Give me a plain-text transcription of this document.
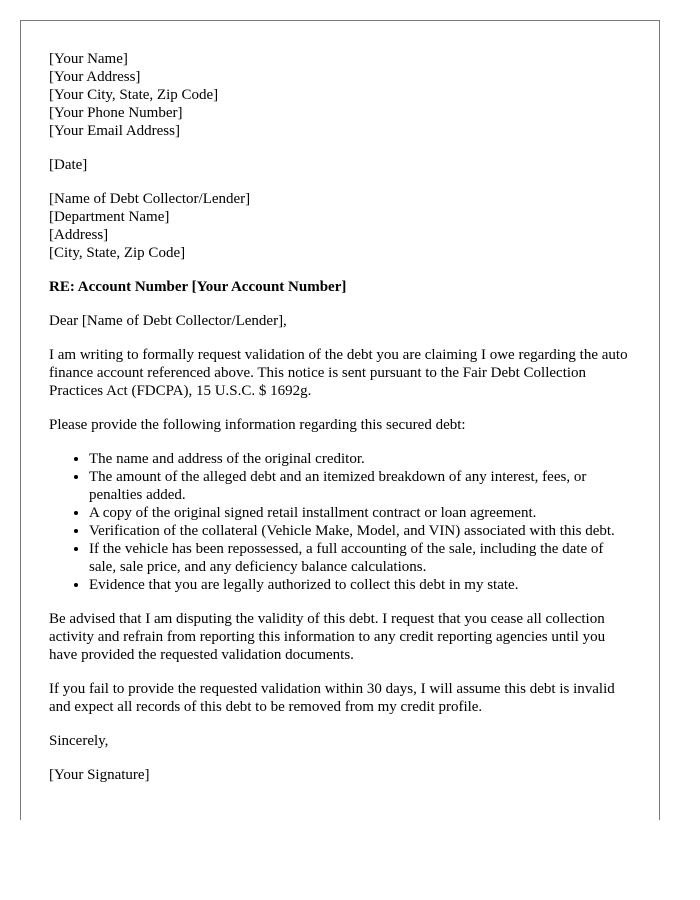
[Your Name]
[Your Address]
[Your City, State, Zip Code]
[Your Phone Number]
[Your Email Address]

[Date]

[Name of Debt Collector/Lender]
[Department Name]
[Address]
[City, State, Zip Code]

RE: Account Number [Your Account Number]

Dear [Name of Debt Collector/Lender],

I am writing to formally request validation of the debt you are claiming I owe regarding the auto finance account referenced above. This notice is sent pursuant to the Fair Debt Collection Practices Act (FDCPA), 15 U.S.C. $ 1692g.

Please provide the following information regarding this secured debt:

• The name and address of the original creditor.
• The amount of the alleged debt and an itemized breakdown of any interest, fees, or penalties added.
• A copy of the original signed retail installment contract or loan agreement.
• Verification of the collateral (Vehicle Make, Model, and VIN) associated with this debt.
• If the vehicle has been repossessed, a full accounting of the sale, including the date of sale, sale price, and any deficiency balance calculations.
• Evidence that you are legally authorized to collect this debt in my state.

Be advised that I am disputing the validity of this debt. I request that you cease all collection activity and refrain from reporting this information to any credit reporting agencies until you have provided the requested validation documents.

If you fail to provide the requested validation within 30 days, I will assume this debt is invalid and expect all records of this debt to be removed from my credit profile.

Sincerely,

[Your Signature]
